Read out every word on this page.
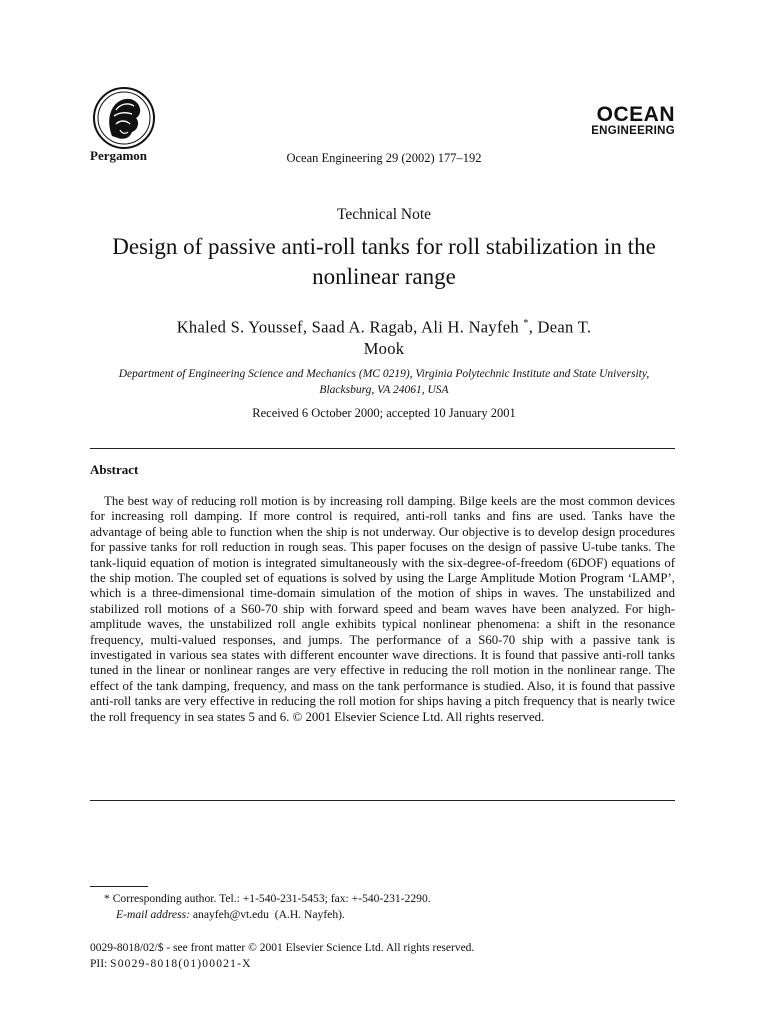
Pergamon	Ocean Engineering 29 (2002) 177–192
OCEAN
ENGINEERING
Technical Note
Design of passive anti-roll tanks for roll stabilization in the nonlinear range
Khaled S. Youssef, Saad A. Ragab, Ali H. Nayfeh *, Dean T.
Mook
Department of Engineering Science and Mechanics (MC 0219), Virginia Polytechnic Institute and State University, Blacksburg, VA 24061, USA
Received 6 October 2000; accepted 10 January 2001
Abstract
The best way of reducing roll motion is by increasing roll damping. Bilge keels are the most common devices for increasing roll damping. If more control is required, anti-roll tanks and fins are used. Tanks have the advantage of being able to function when the ship is not underway. Our objective is to develop design procedures for passive tanks for roll reduction in rough seas. This paper focuses on the design of passive U-tube tanks. The tank-liquid equation of motion is integrated simultaneously with the six-degree-of-freedom (6DOF) equations of the ship motion. The coupled set of equations is solved by using the Large Amplitude Motion Program ‘LAMP’, which is a three-dimensional time-domain simulation of the motion of ships in waves. The unstabilized and stabilized roll motions of a S60-70 ship with forward speed and beam waves have been analyzed. For high-amplitude waves, the unstabilized roll angle exhibits typical nonlinear phenomena: a shift in the resonance frequency, multi-valued responses, and jumps. The performance of a S60-70 ship with a passive tank is investigated in various sea states with different encounter wave directions. It is found that passive anti-roll tanks tuned in the linear or nonlinear ranges are very effective in reducing the roll motion in the nonlinear range. The effect of the tank damping, frequency, and mass on the tank performance is studied. Also, it is found that passive anti-roll tanks are very effective in reducing the roll motion for ships having a pitch frequency that is nearly twice the roll frequency in sea states 5 and 6. © 2001 Elsevier Science Ltd. All rights reserved.
* Corresponding author. Tel.: +1-540-231-5453; fax: +-540-231-2290.
E-mail address: anayfeh@vt.edu (A.H. Nayfeh).
0029-8018/02/$ - see front matter © 2001 Elsevier Science Ltd. All rights reserved.
PII: S0029-8018(01)00021-X
